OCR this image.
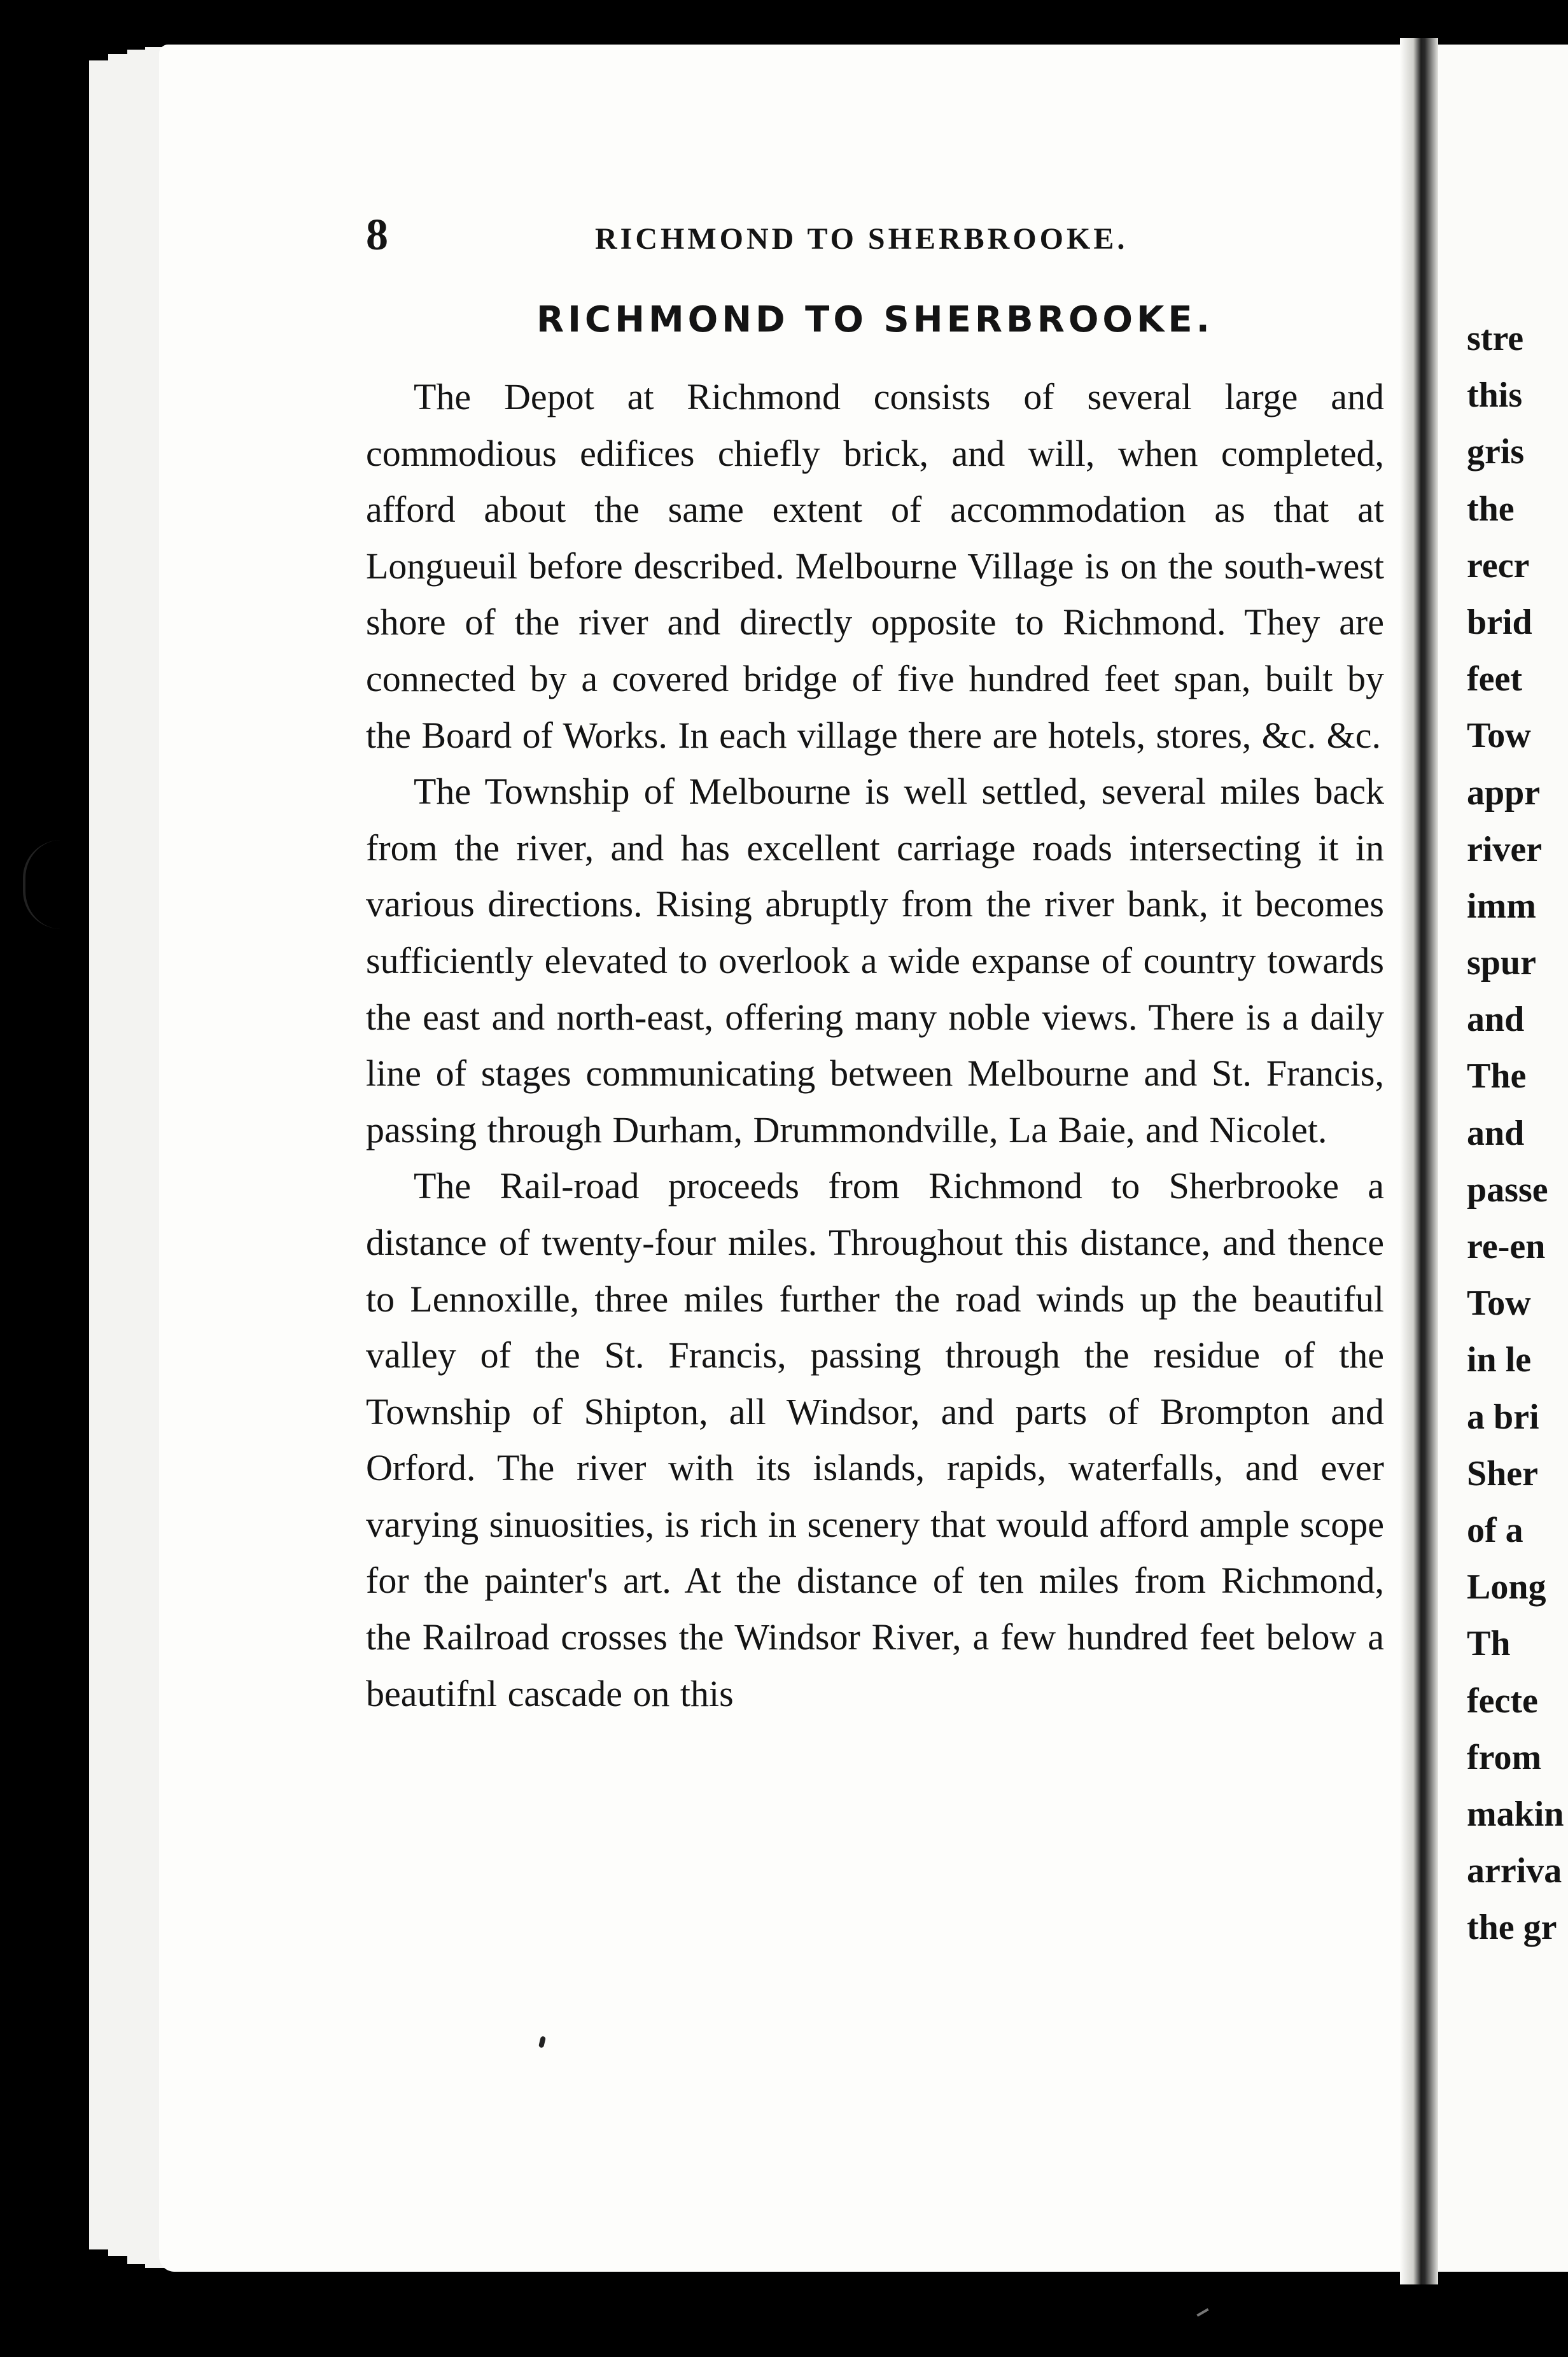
8	RICHMOND TO SHERBROOKE.
RICHMOND TO SHERBROOKE.

The Depot at Richmond consists of several large and commodious edifices chiefly brick, and will, when completed, afford about the same extent of accommodation as that at Longueuil before described. Melbourne Village is on the south-west shore of the river and directly opposite to Richmond. They are connected by a covered bridge of five hundred feet span, built by the Board of Works. In each village there are hotels, stores, &c. &c.

The Township of Melbourne is well settled, several miles back from the river, and has excellent carriage roads intersecting it in various directions. Rising abruptly from the river bank, it becomes sufficiently elevated to overlook a wide expanse of country towards the east and north-east, offering many noble views. There is a daily line of stages communicating between Melbourne and St. Francis, passing through Durham, Drummondville, La Baie, and Nicolet.

The Rail-road proceeds from Richmond to Sherbrooke a distance of twenty-four miles. Throughout this distance, and thence to Lennoxille, three miles further the road winds up the beautiful valley of the St. Francis, passing through the residue of the Township of Shipton, all Windsor, and parts of Brompton and Orford. The river with its islands, rapids, waterfalls, and ever varying sinuosities, is rich in scenery that would afford ample scope for the painter's art. At the distance of ten miles from Richmond, the Railroad crosses the Windsor River, a few hundred feet below a beautifnl cascade on this

stre
this
gris
the
recr
brid
feet
Tow
appr
river
imm
spur
and
The
and
passe
re-en
Tow
in le
a bri
Sher
of a
Long
Th
fecte
from
makin
arriva
the gr
